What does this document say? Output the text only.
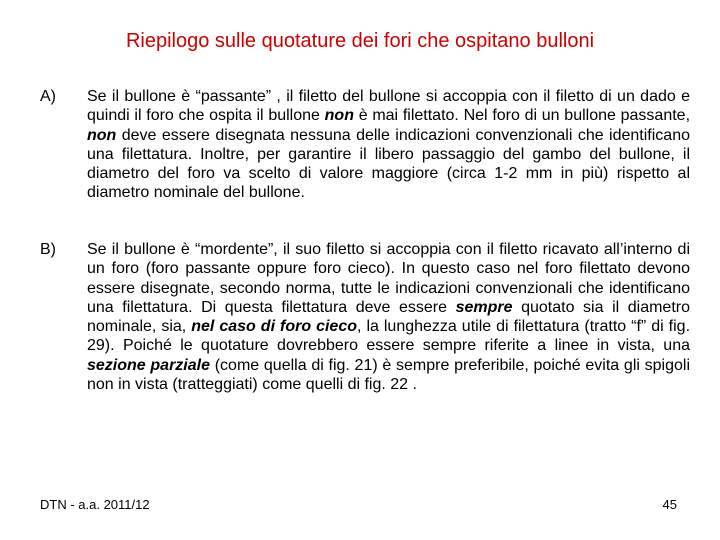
Riepilogo sulle quotature dei fori che ospitano bulloni
A)	Se il bullone è “passante” , il filetto del bullone si accoppia con il filetto di un dado e quindi il foro che ospita il bullone non è mai filettato. Nel foro di un bullone passante, non deve essere disegnata nessuna delle indicazioni convenzionali che identificano una filettatura. Inoltre, per garantire il libero passaggio del gambo del bullone, il diametro del foro va scelto di valore maggiore (circa 1-2 mm in più) rispetto al diametro nominale del bullone.
B)	Se il bullone è “mordente”, il suo filetto si accoppia con il filetto ricavato all’interno di un foro (foro passante oppure foro cieco). In questo caso nel foro filettato devono essere disegnate, secondo norma, tutte le indicazioni convenzionali che identificano una filettatura. Di questa filettatura deve essere sempre quotato sia il diametro nominale, sia, nel caso di foro cieco, la lunghezza utile di filettatura (tratto “f” di fig. 29). Poiché le quotature dovrebbero essere sempre riferite a linee in vista, una sezione parziale (come quella di fig. 21) è sempre preferibile, poiché evita gli spigoli non in vista (tratteggiati) come quelli di fig. 22 .
DTN - a.a. 2011/12	45
